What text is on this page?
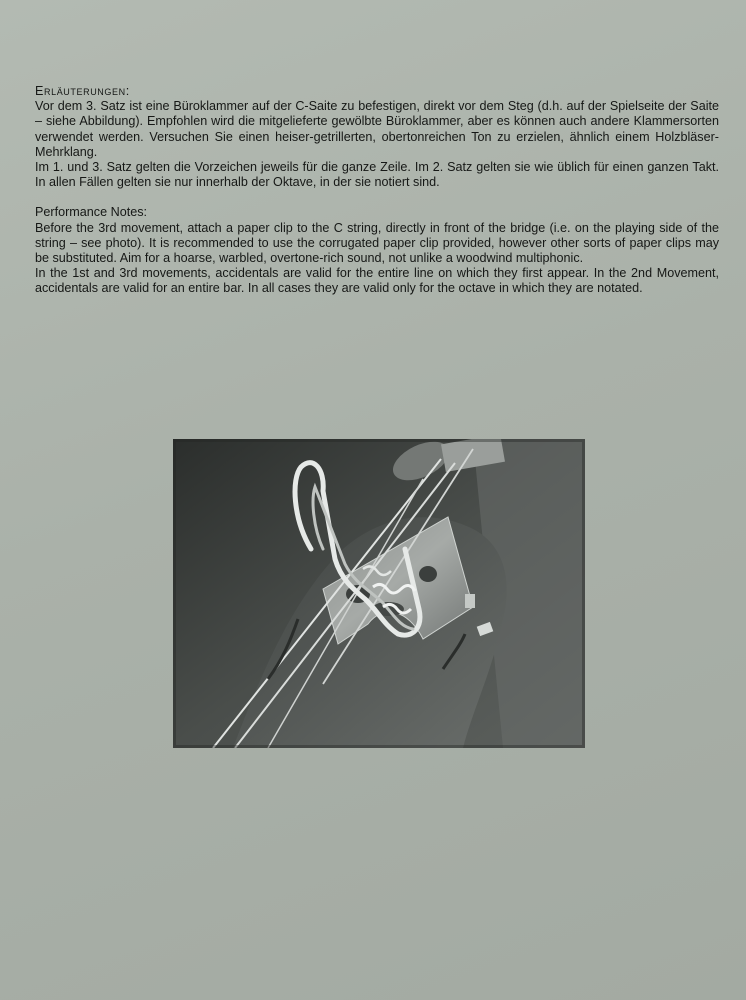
Erläuterungen:

Vor dem 3. Satz ist eine Büroklammer auf der C-Saite zu befestigen, direkt vor dem Steg (d.h. auf der Spielseite der Saite – siehe Abbildung). Empfohlen wird die mitgelieferte gewölbte Büroklammer, aber es können auch andere Klammersorten verwendet werden. Versuchen Sie einen heiser-getrillerten, obertonreichen Ton zu erzielen, ähnlich einem Holzbläser-Mehrklang.

Im 1. und 3. Satz gelten die Vorzeichen jeweils für die ganze Zeile. Im 2. Satz gelten sie wie üblich für einen ganzen Takt. In allen Fällen gelten sie nur innerhalb der Oktave, in der sie notiert sind.

Performance Notes:

Before the 3rd movement, attach a paper clip to the C string, directly in front of the bridge (i.e. on the playing side of the string – see photo). It is recommended to use the corrugated paper clip provided, however other sorts of paper clips may be substituted. Aim for a hoarse, warbled, overtone-rich sound, not unlike a woodwind multiphonic.

In the 1st and 3rd movements, accidentals are valid for the entire line on which they first appear. In the 2nd Movement, accidentals are valid for an entire bar. In all cases they are valid only for the octave in which they are notated.
